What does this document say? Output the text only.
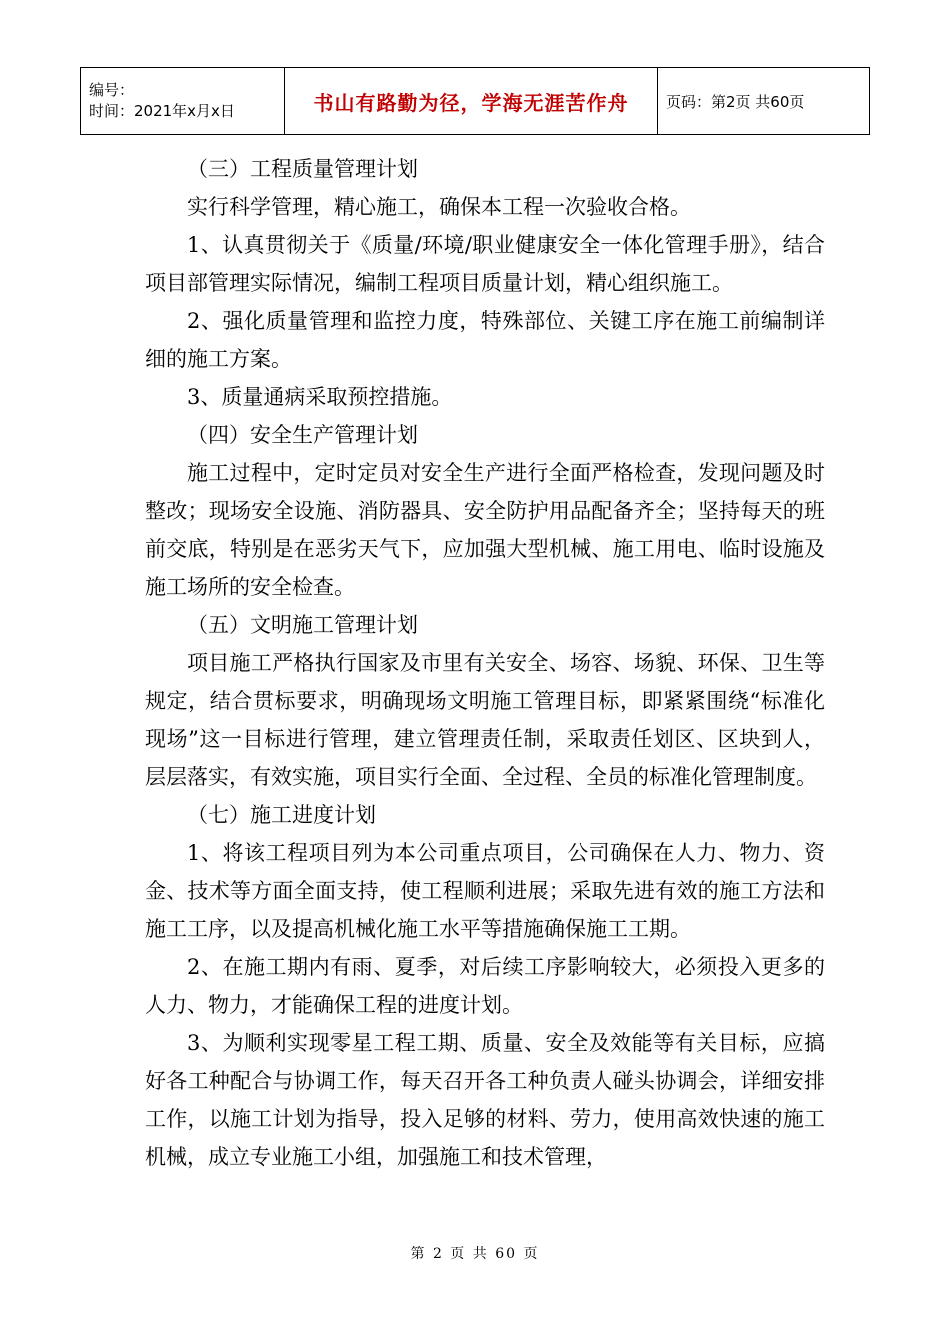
编号：
时间：2021年x月x日	书山有路勤为径，学海无涯苦作舟	页码：第2页 共60页

（三）工程质量管理计划

实行科学管理，精心施工，确保本工程一次验收合格。

1、认真贯彻关于《质量/环境/职业健康安全一体化管理手册》，结合项目部管理实际情况，编制工程项目质量计划，精心组织施工。

2、强化质量管理和监控力度，特殊部位、关键工序在施工前编制详细的施工方案。

3、质量通病采取预控措施。

（四）安全生产管理计划

施工过程中，定时定员对安全生产进行全面严格检查，发现问题及时整改；现场安全设施、消防器具、安全防护用品配备齐全；坚持每天的班前交底，特别是在恶劣天气下，应加强大型机械、施工用电、临时设施及施工场所的安全检查。

（五）文明施工管理计划

项目施工严格执行国家及市里有关安全、场容、场貌、环保、卫生等规定，结合贯标要求，明确现场文明施工管理目标，即紧紧围绕“标准化现场”这一目标进行管理，建立管理责任制，采取责任划区、区块到人，层层落实，有效实施，项目实行全面、全过程、全员的标准化管理制度。

（七）施工进度计划

1、将该工程项目列为本公司重点项目，公司确保在人力、物力、资金、技术等方面全面支持，使工程顺利进展；采取先进有效的施工方法和施工工序，以及提高机械化施工水平等措施确保施工工期。

2、在施工期内有雨、夏季，对后续工序影响较大，必须投入更多的人力、物力，才能确保工程的进度计划。

3、为顺利实现零星工程工期、质量、安全及效能等有关目标，应搞好各工种配合与协调工作，每天召开各工种负责人碰头协调会，详细安排工作，以施工计划为指导，投入足够的材料、劳力，使用高效快速的施工机械，成立专业施工小组，加强施工和技术管理，

第 2 页 共 60 页
